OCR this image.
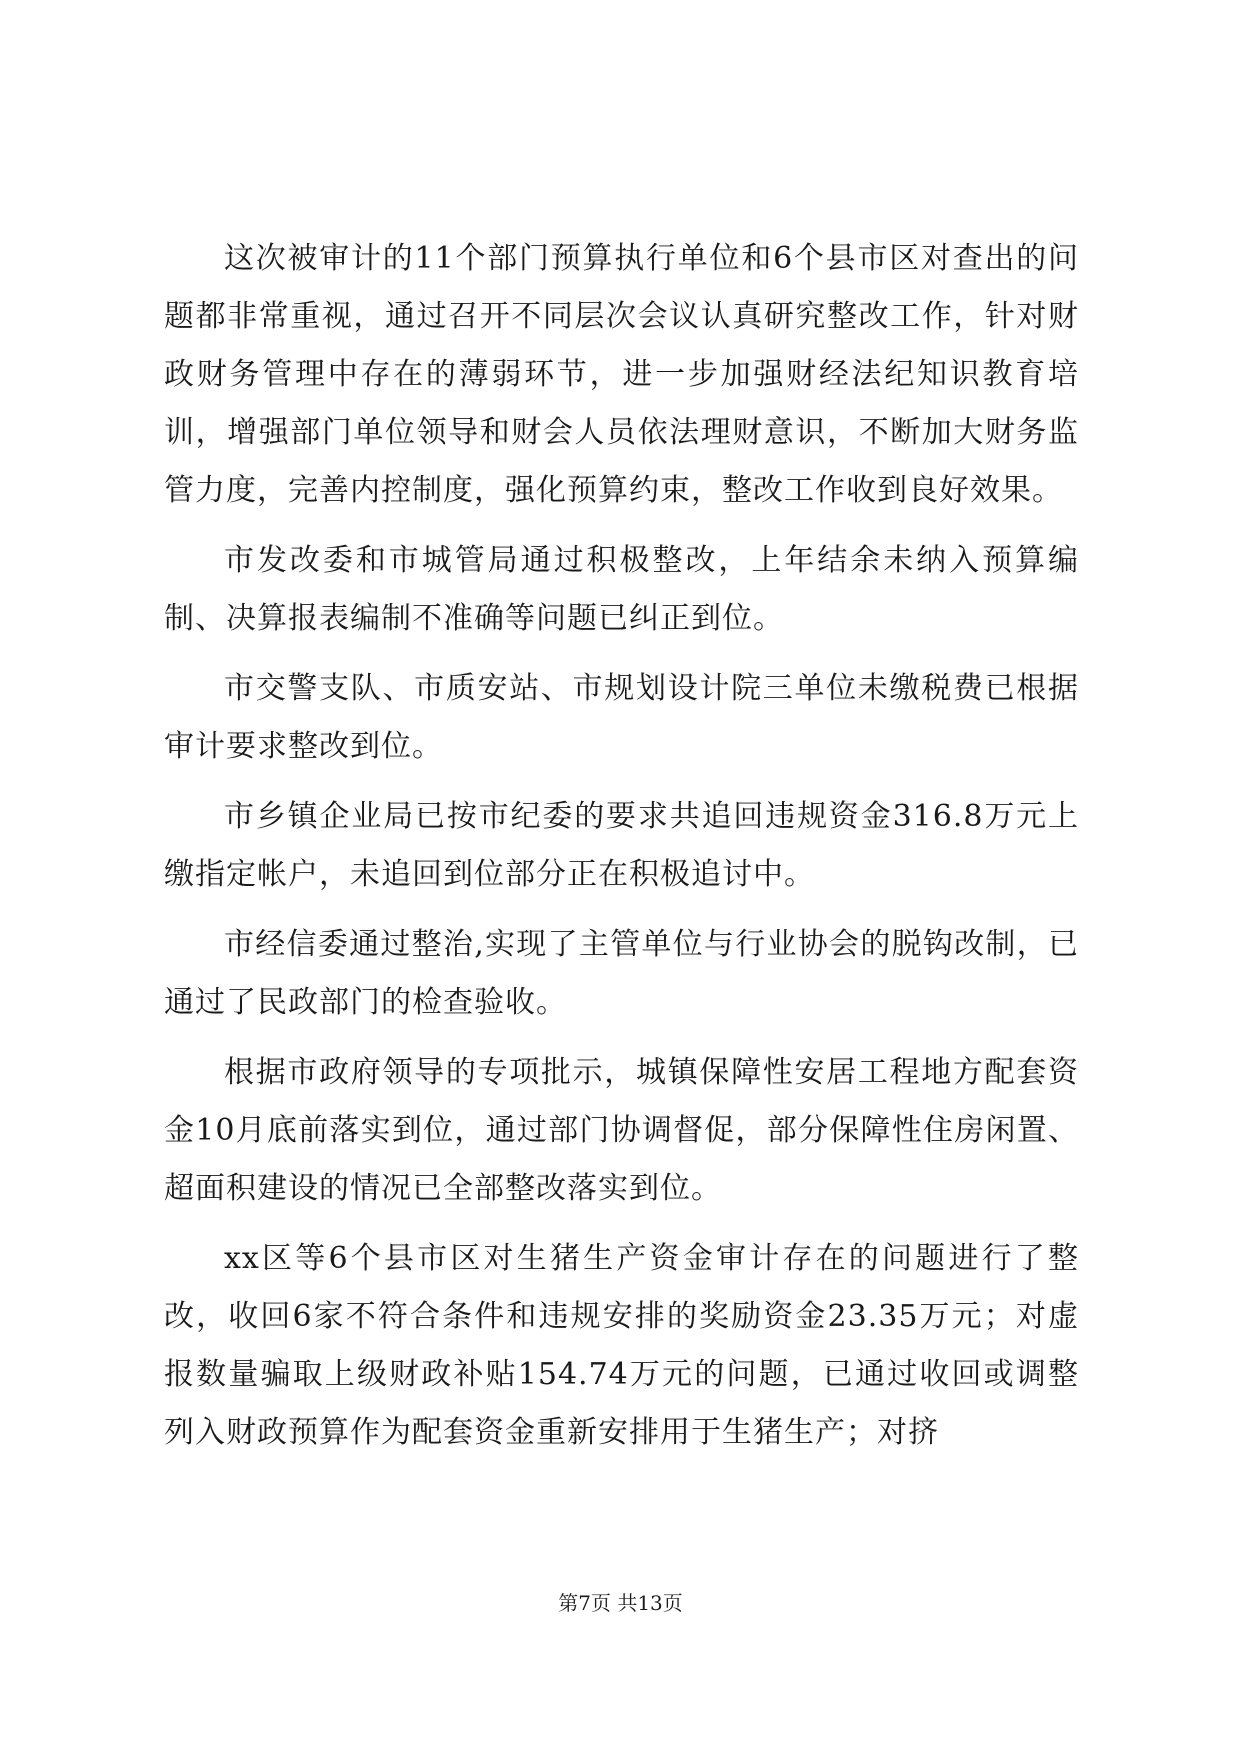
这次被审计的11个部门预算执行单位和6个县市区对查出的问题都非常重视，通过召开不同层次会议认真研究整改工作，针对财政财务管理中存在的薄弱环节，进一步加强财经法纪知识教育培训，增强部门单位领导和财会人员依法理财意识，不断加大财务监管力度，完善内控制度，强化预算约束，整改工作收到良好效果。

市发改委和市城管局通过积极整改，上年结余未纳入预算编制、决算报表编制不准确等问题已纠正到位。

市交警支队、市质安站、市规划设计院三单位未缴税费已根据审计要求整改到位。

市乡镇企业局已按市纪委的要求共追回违规资金316.8万元上缴指定帐户，未追回到位部分正在积极追讨中。

市经信委通过整治,实现了主管单位与行业协会的脱钩改制，已通过了民政部门的检查验收。

根据市政府领导的专项批示，城镇保障性安居工程地方配套资金10月底前落实到位，通过部门协调督促，部分保障性住房闲置、超面积建设的情况已全部整改落实到位。

xx区等6个县市区对生猪生产资金审计存在的问题进行了整改，收回6家不符合条件和违规安排的奖励资金23.35万元；对虚报数量骗取上级财政补贴154.74万元的问题，已通过收回或调整列入财政预算作为配套资金重新安排用于生猪生产；对挤

第7页 共13页
